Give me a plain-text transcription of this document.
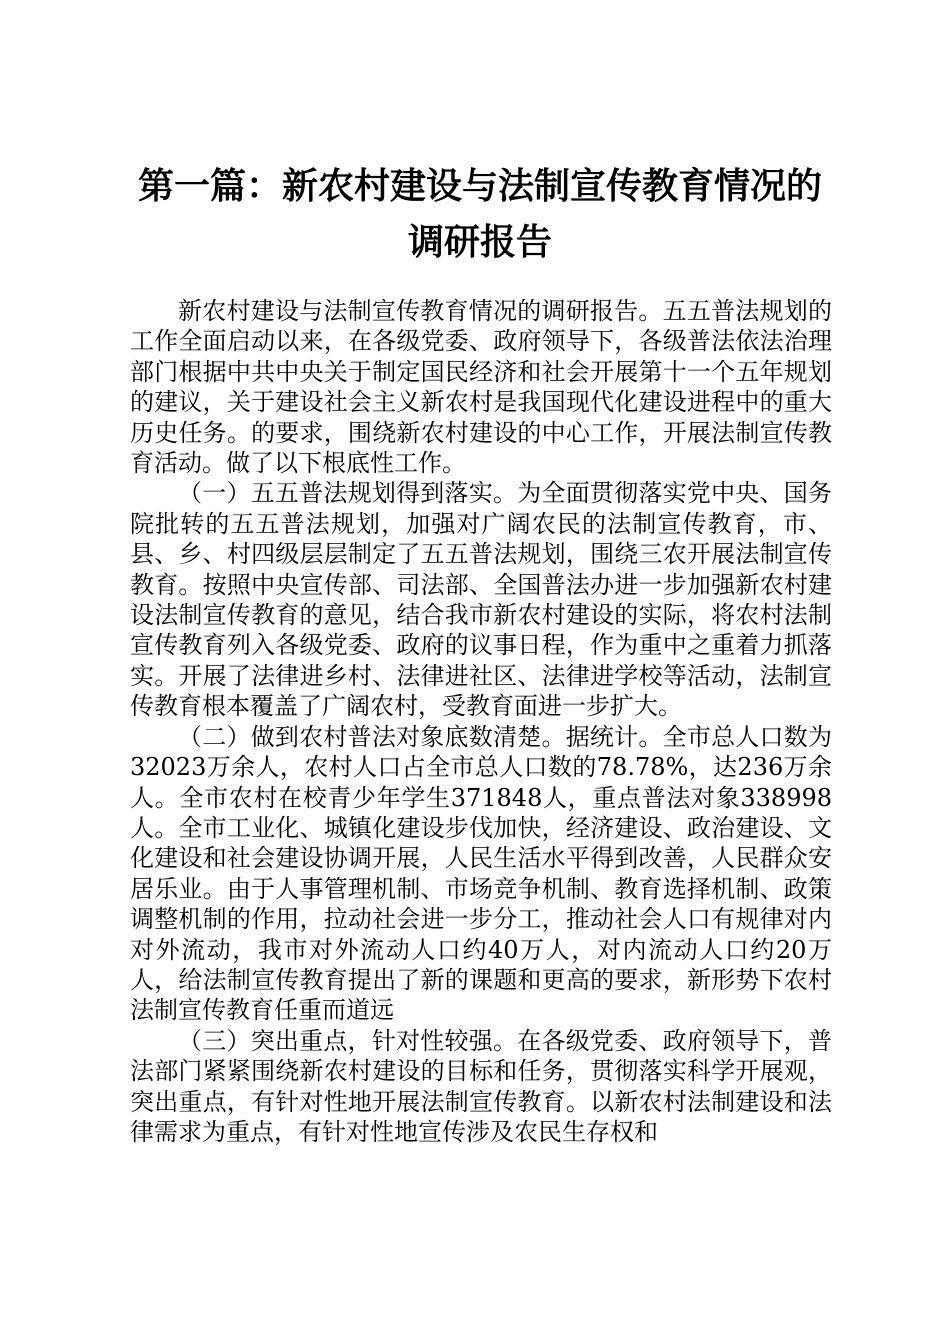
第一篇：新农村建设与法制宣传教育情况的调研报告

新农村建设与法制宣传教育情况的调研报告。五五普法规划的工作全面启动以来，在各级党委、政府领导下，各级普法依法治理部门根据中共中央关于制定国民经济和社会开展第十一个五年规划的建议，关于建设社会主义新农村是我国现代化建设进程中的重大历史任务。的要求，围绕新农村建设的中心工作，开展法制宣传教育活动。做了以下根底性工作。

（一）五五普法规划得到落实。为全面贯彻落实党中央、国务院批转的五五普法规划，加强对广阔农民的法制宣传教育，市、县、乡、村四级层层制定了五五普法规划，围绕三农开展法制宣传教育。按照中央宣传部、司法部、全国普法办进一步加强新农村建设法制宣传教育的意见，结合我市新农村建设的实际，将农村法制宣传教育列入各级党委、政府的议事日程，作为重中之重着力抓落实。开展了法律进乡村、法律进社区、法律进学校等活动，法制宣传教育根本覆盖了广阔农村，受教育面进一步扩大。

（二）做到农村普法对象底数清楚。据统计。全市总人口数为32023万余人，农村人口占全市总人口数的78.78%，达236万余人。全市农村在校青少年学生371848人，重点普法对象338998人。全市工业化、城镇化建设步伐加快，经济建设、政治建设、文化建设和社会建设协调开展，人民生活水平得到改善，人民群众安居乐业。由于人事管理机制、市场竞争机制、教育选择机制、政策调整机制的作用，拉动社会进一步分工，推动社会人口有规律对内对外流动，我市对外流动人口约40万人，对内流动人口约20万人，给法制宣传教育提出了新的课题和更高的要求，新形势下农村法制宣传教育任重而道远

（三）突出重点，针对性较强。在各级党委、政府领导下，普法部门紧紧围绕新农村建设的目标和任务，贯彻落实科学开展观，突出重点，有针对性地开展法制宣传教育。以新农村法制建设和法律需求为重点，有针对性地宣传涉及农民生存权和
